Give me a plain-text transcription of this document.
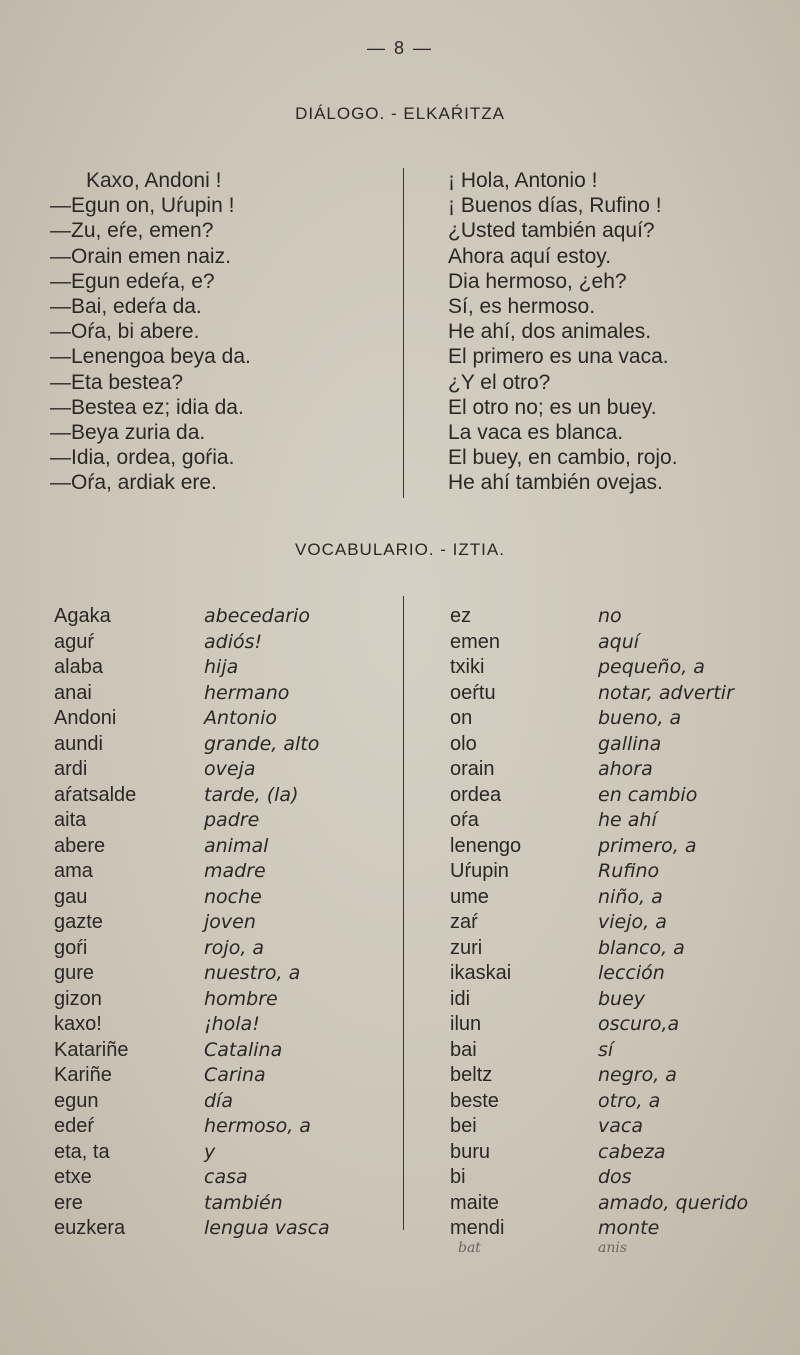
— 8 —
DIÁLOGO. - ELKAŔITZA
Kaxo, Andoni !
—Egun on, Uŕupin !
—Zu, eŕe, emen?
—Orain emen naiz.
—Egun edeŕa, e?
—Bai, edeŕa da.
—Oŕa, bi abere.
—Lenengoa beya da.
—Eta bestea?
—Bestea ez; idia da.
—Beya zuria da.
—Idia, ordea, goŕia.
—Oŕa, ardiak ere.
¡ Hola, Antonio !
¡ Buenos días, Rufino !
¿Usted también aquí?
Ahora aquí estoy.
Dia hermoso, ¿eh?
Sí, es hermoso.
He ahí, dos animales.
El primero es una vaca.
¿Y el otro?
El otro no; es un buey.
La vaca es blanca.
El buey, en cambio, rojo.
He ahí también ovejas.
VOCABULARIO. - IZTIA.
Agaka
aguŕ
alaba
anai
Andoni
aundi
ardi
aŕatsalde
aita
abere
ama
gau
gazte
goŕi
gure
gizon
kaxo!
Katariñe
Kariñe
egun
edeŕ
eta, ta
etxe
ere
euzkera
abecedario
adiós!
hija
hermano
Antonio
grande, alto
oveja
tarde, (la)
padre
animal
madre
noche
joven
rojo, a
nuestro, a
hombre
¡hola!
Catalina
Carina
día
hermoso, a
y
casa
también
lengua vasca
ez
emen
txiki
oeŕtu
on
olo
orain
ordea
oŕa
lenengo
Uŕupin
ume
zaŕ
zuri
ikaskai
idi
ilun
bai
beltz
beste
bei
buru
bi
maite
mendi
no
aquí
pequeño, a
notar, advertir
bueno, a
gallina
ahora
en cambio
he ahí
primero, a
Rufino
niño, a
viejo, a
blanco, a
lección
buey
oscuro,a
sí
negro, a
otro, a
vaca
cabeza
dos
amado, querido
monte
bat	anis
